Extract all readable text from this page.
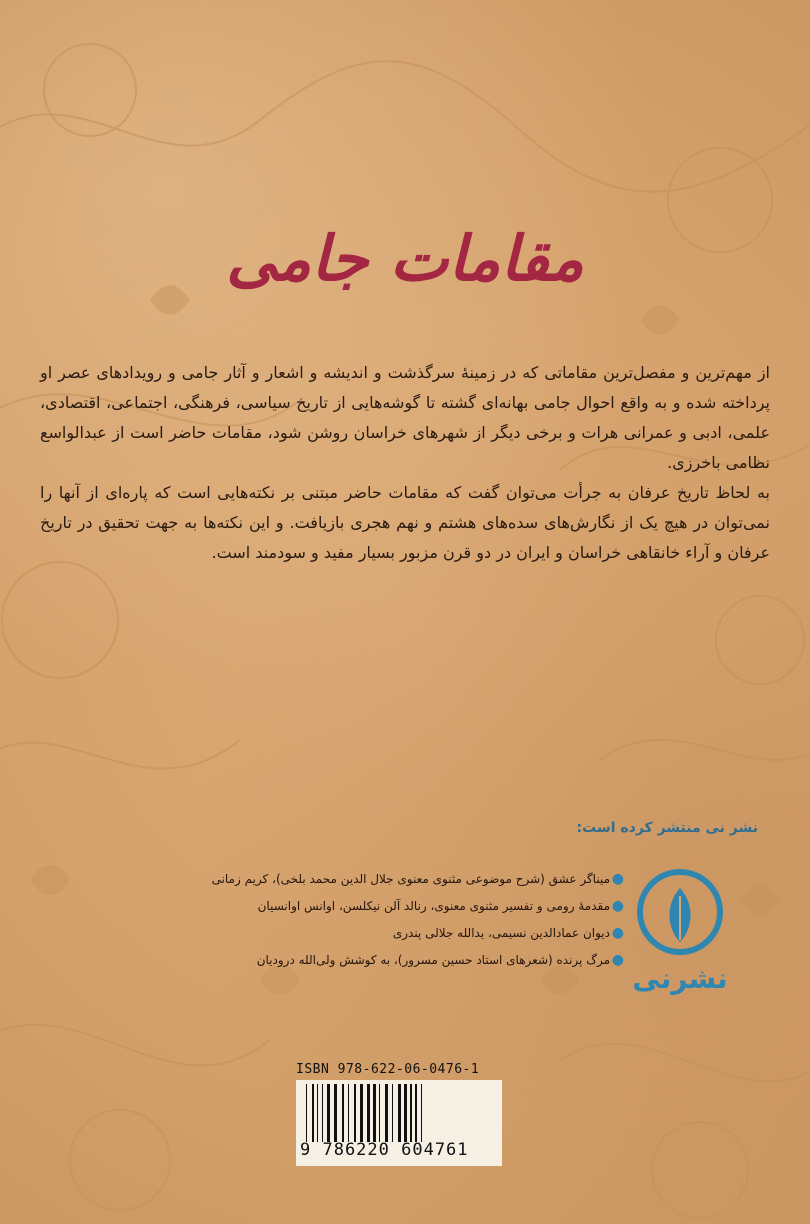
مقامات جامی

از مهم‌ترین و مفصل‌ترین مقاماتی که در زمینهٔ سرگذشت و اندیشه و اشعار و آثار جامی و رویدادهای عصر او پرداخته شده و به واقع احوال جامی بهانه‌ای گشته تا گوشه‌هایی از تاریخ سیاسی، فرهنگی، اجتماعی، اقتصادی، علمی، ادبی و عمرانی هرات و برخی دیگر از شهرهای خراسان روشن شود، مقامات حاضر است از عبدالواسع نظامی باخرزی.

به لحاظ تاریخ عرفان به جرأت می‌توان گفت که مقامات حاضر مبتنی بر نکته‌هایی است که پاره‌ای از آنها را نمی‌توان در هیچ یک از نگارش‌های سده‌های هشتم و نهم هجری بازیافت. و این نکته‌ها به جهت تحقیق در تاریخ عرفان و آراء خانقاهی خراسان و ایران در دو قرن مزبور بسیار مفید و سودمند است.

نشر نی منتشر کرده است:
●
میناگر عشق (شرح موضوعی مثنوی معنوی جلال الدین محمد بلخی)، کریم زمانی
●
مقدمهٔ رومی و تفسیر مثنوی معنوی، رنالد آلن نیکلسن، اوانس اوانسیان
●
دیوان عمادالدین نسیمی، یدالله جلالی پندری
●
مرگ پرنده (شعرهای استاد حسین مسرور)، به کوشش ولی‌الله درودیان
نشرنی
ISBN 978-622-06-0476-1
9 786220 604761
